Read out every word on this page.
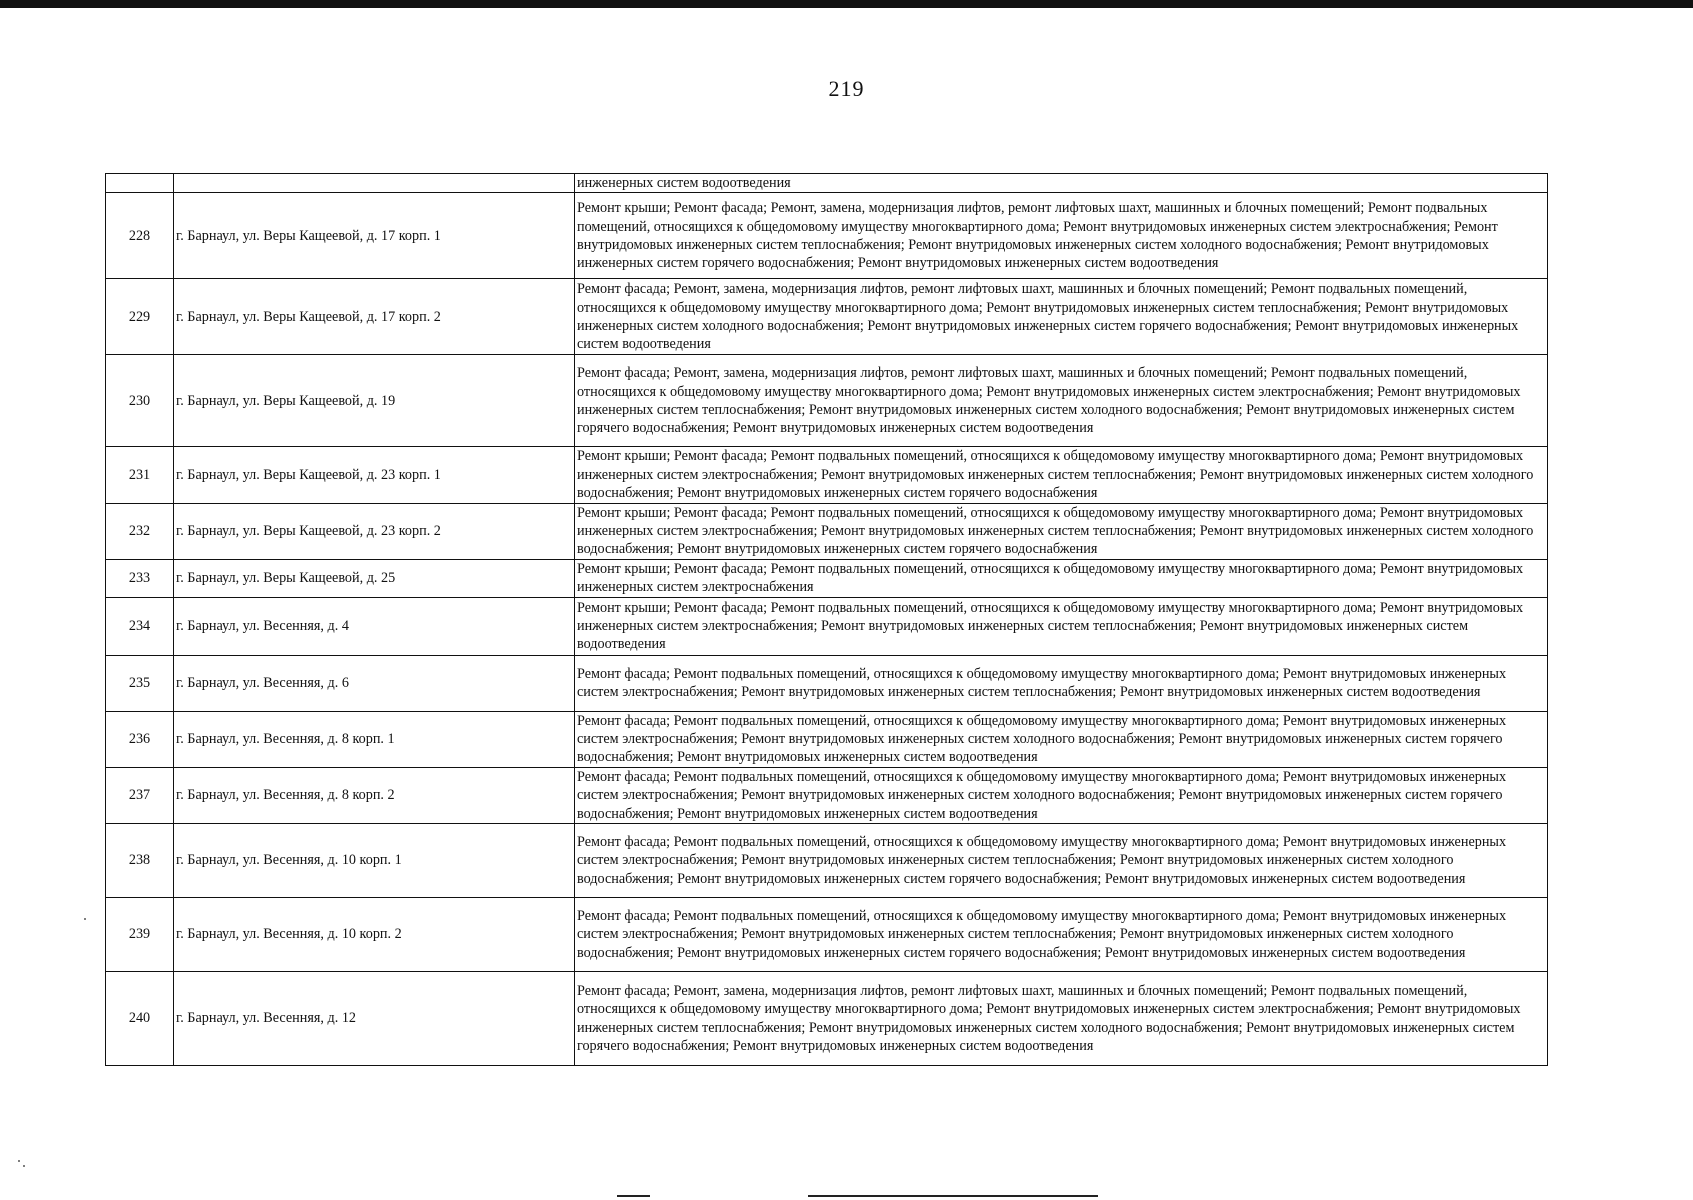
219
		инженерных систем водоотведения
228	г. Барнаул, ул. Веры Кащеевой, д. 17 корп. 1	Ремонт крыши; Ремонт фасада; Ремонт, замена, модернизация лифтов, ремонт лифтовых шахт, машинных и блочных помещений; Ремонт подвальных помещений, относящихся к общедомовому имуществу многоквартирного дома; Ремонт внутридомовых инженерных систем электроснабжения; Ремонт внутридомовых инженерных систем теплоснабжения; Ремонт внутридомовых инженерных систем холодного водоснабжения; Ремонт внутридомовых инженерных систем горячего водоснабжения; Ремонт внутридомовых инженерных систем водоотведения
229	г. Барнаул, ул. Веры Кащеевой, д. 17 корп. 2	Ремонт фасада; Ремонт, замена, модернизация лифтов, ремонт лифтовых шахт, машинных и блочных помещений; Ремонт подвальных помещений, относящихся к общедомовому имуществу многоквартирного дома; Ремонт внутридомовых инженерных систем теплоснабжения; Ремонт внутридомовых инженерных систем холодного водоснабжения; Ремонт внутридомовых инженерных систем горячего водоснабжения; Ремонт внутридомовых инженерных систем водоотведения
230	г. Барнаул, ул. Веры Кащеевой, д. 19	Ремонт фасада; Ремонт, замена, модернизация лифтов, ремонт лифтовых шахт, машинных и блочных помещений; Ремонт подвальных помещений, относящихся к общедомовому имуществу многоквартирного дома; Ремонт внутридомовых инженерных систем электроснабжения; Ремонт внутридомовых инженерных систем теплоснабжения; Ремонт внутридомовых инженерных систем холодного водоснабжения; Ремонт внутридомовых инженерных систем горячего водоснабжения; Ремонт внутридомовых инженерных систем водоотведения
231	г. Барнаул, ул. Веры Кащеевой, д. 23 корп. 1	Ремонт крыши; Ремонт фасада; Ремонт подвальных помещений, относящихся к общедомовому имуществу многоквартирного дома; Ремонт внутридомовых инженерных систем электроснабжения; Ремонт внутридомовых инженерных систем теплоснабжения; Ремонт внутридомовых инженерных систем холодного водоснабжения; Ремонт внутридомовых инженерных систем горячего водоснабжения
232	г. Барнаул, ул. Веры Кащеевой, д. 23 корп. 2	Ремонт крыши; Ремонт фасада; Ремонт подвальных помещений, относящихся к общедомовому имуществу многоквартирного дома; Ремонт внутридомовых инженерных систем электроснабжения; Ремонт внутридомовых инженерных систем теплоснабжения; Ремонт внутридомовых инженерных систем холодного водоснабжения; Ремонт внутридомовых инженерных систем горячего водоснабжения
233	г. Барнаул, ул. Веры Кащеевой, д. 25	Ремонт крыши; Ремонт фасада; Ремонт подвальных помещений, относящихся к общедомовому имуществу многоквартирного дома; Ремонт внутридомовых инженерных систем электроснабжения
234	г. Барнаул, ул. Весенняя, д. 4	Ремонт крыши; Ремонт фасада; Ремонт подвальных помещений, относящихся к общедомовому имуществу многоквартирного дома; Ремонт внутридомовых инженерных систем электроснабжения; Ремонт внутридомовых инженерных систем теплоснабжения; Ремонт внутридомовых инженерных систем водоотведения
235	г. Барнаул, ул. Весенняя, д. 6	Ремонт фасада; Ремонт подвальных помещений, относящихся к общедомовому имуществу многоквартирного дома; Ремонт внутридомовых инженерных систем электроснабжения; Ремонт внутридомовых инженерных систем теплоснабжения; Ремонт внутридомовых инженерных систем водоотведения
236	г. Барнаул, ул. Весенняя, д. 8 корп. 1	Ремонт фасада; Ремонт подвальных помещений, относящихся к общедомовому имуществу многоквартирного дома; Ремонт внутридомовых инженерных систем электроснабжения; Ремонт внутридомовых инженерных систем холодного водоснабжения; Ремонт внутридомовых инженерных систем горячего водоснабжения; Ремонт внутридомовых инженерных систем водоотведения
237	г. Барнаул, ул. Весенняя, д. 8 корп. 2	Ремонт фасада; Ремонт подвальных помещений, относящихся к общедомовому имуществу многоквартирного дома; Ремонт внутридомовых инженерных систем электроснабжения; Ремонт внутридомовых инженерных систем холодного водоснабжения; Ремонт внутридомовых инженерных систем горячего водоснабжения; Ремонт внутридомовых инженерных систем водоотведения
238	г. Барнаул, ул. Весенняя, д. 10 корп. 1	Ремонт фасада; Ремонт подвальных помещений, относящихся к общедомовому имуществу многоквартирного дома; Ремонт внутридомовых инженерных систем электроснабжения; Ремонт внутридомовых инженерных систем теплоснабжения; Ремонт внутридомовых инженерных систем холодного водоснабжения; Ремонт внутридомовых инженерных систем горячего водоснабжения; Ремонт внутридомовых инженерных систем водоотведения
239	г. Барнаул, ул. Весенняя, д. 10 корп. 2	Ремонт фасада; Ремонт подвальных помещений, относящихся к общедомовому имуществу многоквартирного дома; Ремонт внутридомовых инженерных систем электроснабжения; Ремонт внутридомовых инженерных систем теплоснабжения; Ремонт внутридомовых инженерных систем холодного водоснабжения; Ремонт внутридомовых инженерных систем горячего водоснабжения; Ремонт внутридомовых инженерных систем водоотведения
240	г. Барнаул, ул. Весенняя, д. 12	Ремонт фасада; Ремонт, замена, модернизация лифтов, ремонт лифтовых шахт, машинных и блочных помещений; Ремонт подвальных помещений, относящихся к общедомовому имуществу многоквартирного дома; Ремонт внутридомовых инженерных систем электроснабжения; Ремонт внутридомовых инженерных систем теплоснабжения; Ремонт внутридомовых инженерных систем холодного водоснабжения; Ремонт внутридомовых инженерных систем горячего водоснабжения; Ремонт внутридомовых инженерных систем водоотведения
